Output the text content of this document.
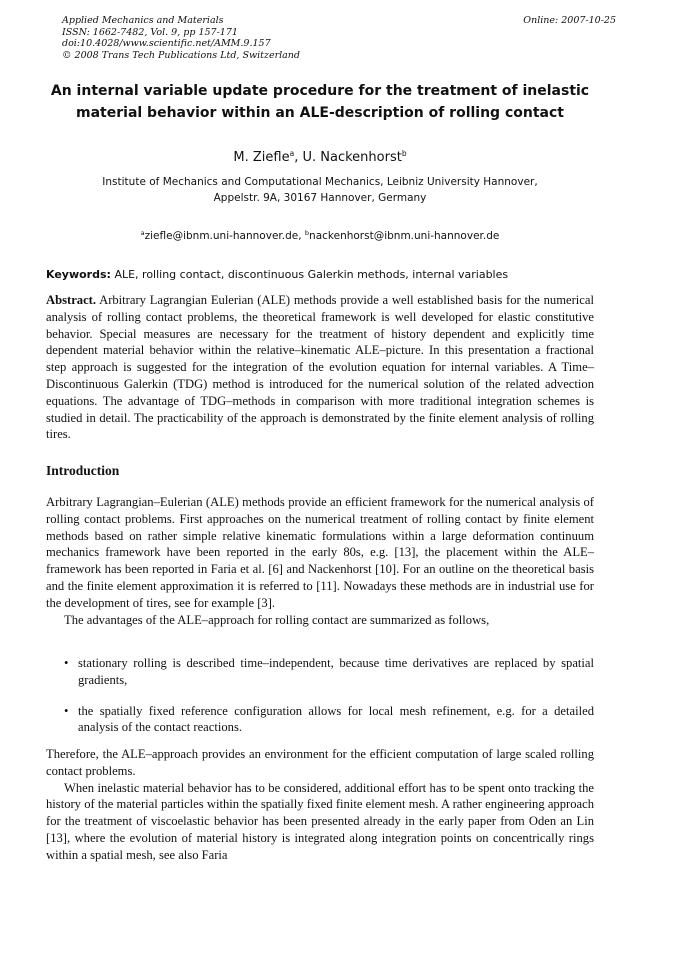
Applied Mechanics and Materials
ISSN: 1662-7482, Vol. 9, pp 157-171
doi:10.4028/www.scientific.net/AMM.9.157
© 2008 Trans Tech Publications Ltd, Switzerland
Online: 2007-10-25
An internal variable update procedure for the treatment of inelastic material behavior within an ALE-description of rolling contact
M. Ziefle$^a$, U. Nackenhorst$^b$
Institute of Mechanics and Computational Mechanics, Leibniz University Hannover,
Appelstr. 9A, 30167 Hannover, Germany
$^a$ziefle@ibnm.uni-hannover.de, $^b$nackenhorst@ibnm.uni-hannover.de
Keywords: ALE, rolling contact, discontinuous Galerkin methods, internal variables
Abstract. Arbitrary Lagrangian Eulerian (ALE) methods provide a well established basis for the numerical analysis of rolling contact problems, the theoretical framework is well developed for elastic constitutive behavior. Special measures are necessary for the treatment of history dependent and explicitly time dependent material behavior within the relative–kinematic ALE–picture. In this presentation a fractional step approach is suggested for the integration of the evolution equation for internal variables. A Time–Discontinuous Galerkin (TDG) method is introduced for the numerical solution of the related advection equations. The advantage of TDG–methods in comparison with more traditional integration schemes is studied in detail. The practicability of the approach is demonstrated by the finite element analysis of rolling tires.
Introduction
Arbitrary Lagrangian–Eulerian (ALE) methods provide an efficient framework for the numerical analysis of rolling contact problems. First approaches on the numerical treatment of rolling contact by finite element methods based on rather simple relative kinematic formulations within a large deformation continuum mechanics framework have been reported in the early 80s, e.g. [13], the placement within the ALE–framework has been reported in Faria et al. [6] and Nackenhorst [10]. For an outline on the theoretical basis and the finite element approximation it is referred to [11]. Nowadays these methods are in industrial use for the development of tires, see for example [3].
The advantages of the ALE–approach for rolling contact are summarized as follows,
• stationary rolling is described time–independent, because time derivatives are replaced by spatial gradients,
• the spatially fixed reference configuration allows for local mesh refinement, e.g. for a detailed analysis of the contact reactions.

Therefore, the ALE–approach provides an environment for the efficient computation of large scaled rolling contact problems.

When inelastic material behavior has to be considered, additional effort has to be spent onto tracking the history of the material particles within the spatially fixed finite element mesh. A rather engineering approach for the treatment of viscoelastic behavior has been presented already in the early paper from Oden an Lin [13], where the evolution of material history is integrated along integration points on concentrically rings within a spatial mesh, see also Faria
